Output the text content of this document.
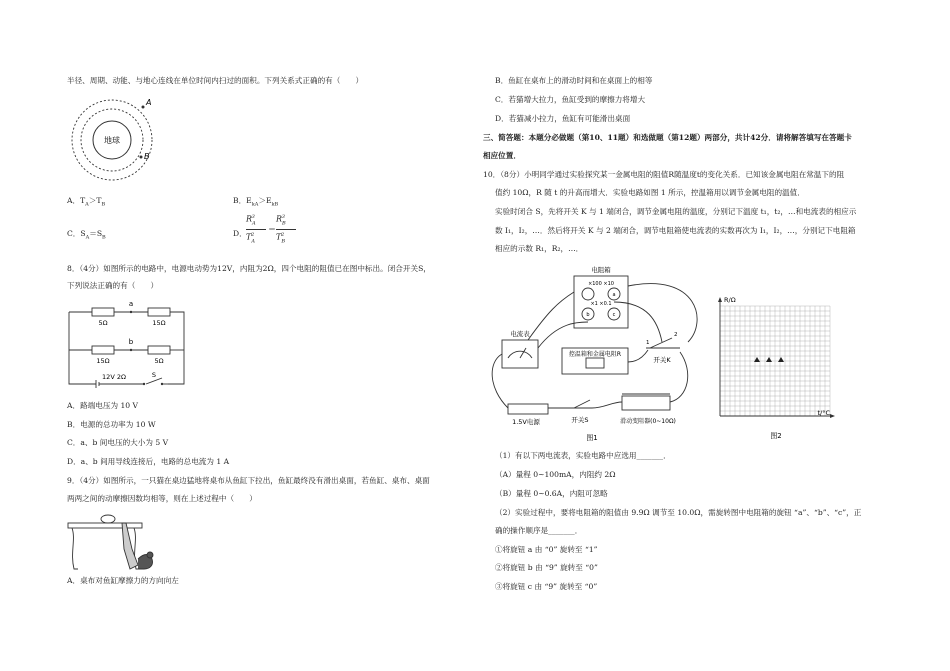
半径、周期、动能、与地心连线在单位时间内扫过的面积。下列关系式正确的有（　　）
地球
A
B
A．$T_A>T_B$	B．$E_{kA}>E_{kB}$
C．$S_A=S_B$	D．
$R_A^3$
$T_A^2$
＝
$R_B^3$
$T_B^2$
8．（4分）如图所示的电路中，电源电动势为12V，内阻为2Ω，四个电阻的阻值已在图中标出。闭合开关S，
下列说法正确的有（　　）
a
b
5Ω	15Ω
15Ω	5Ω
12V 2Ω	S
A．路端电压为 10 V
B．电源的总功率为 10 W
C．a、b 间电压的大小为 5 V
D．a、b 间用导线连接后，电路的总电流为 1 A
9．（4分）如图所示，一只猫在桌边猛地将桌布从鱼缸下拉出，鱼缸最终没有滑出桌面，若鱼缸、桌布、桌面
两两之间的动摩擦因数均相等，则在上述过程中（　　）
A．桌布对鱼缸摩擦力的方向向左
B．鱼缸在桌布上的滑动时间和在桌面上的相等
C．若猫增大拉力，鱼缸受到的摩擦力将增大
D．若猫减小拉力，鱼缸有可能滑出桌面
三、简答题：本题分必做题（第10、11题）和选做题（第12题）两部分，共计42分．请将解答填写在答题卡
相应位置．
10．（8分）小明同学通过实验探究某一金属电阻的阻值R随温度t的变化关系．已知该金属电阻在常温下的阻
值约 10Ω，R 随 t 的升高而增大．实验电路如图 1 所示，控温箱用以调节金属电阻的温值．
实验时闭合 S，先将开关 K 与 1 端闭合，调节金属电阻的温度，分别记下温度 t₁，t₂，…和电流表的相应示
数 I₁，I₂，…．然后将开关 K 与 2 端闭合，调节电阻箱使电流表的实数再次为 I₁，I₂，…，分别记下电阻箱
相应的示数 R₁，R₂，…．
电阻箱
×100 ×10
×1 ×0.1
a
b	c
电流表
控温箱和金属电阻R
开关K
1
2
1.5V电源	开关S	滑动变阻器(0~10Ω)
图1
R/Ω
t/°C
图2
（1）有以下两电流表，实验电路中应选用_______．
（A）量程 0~100mA，内阻约 2Ω
（B）量程 0~0.6A，内阻可忽略
（2）实验过程中，要将电阻箱的阻值由 9.9Ω 调节至 10.0Ω，需旋转图中电阻箱的旋钮 “a”、“b”、“c”，正
确的操作顺序是_______．
①将旋钮 a 由 “0” 旋转至 “1”
②将旋钮 b 由 “9” 旋转至 “0”
③将旋钮 c 由 “9” 旋转至 “0”
